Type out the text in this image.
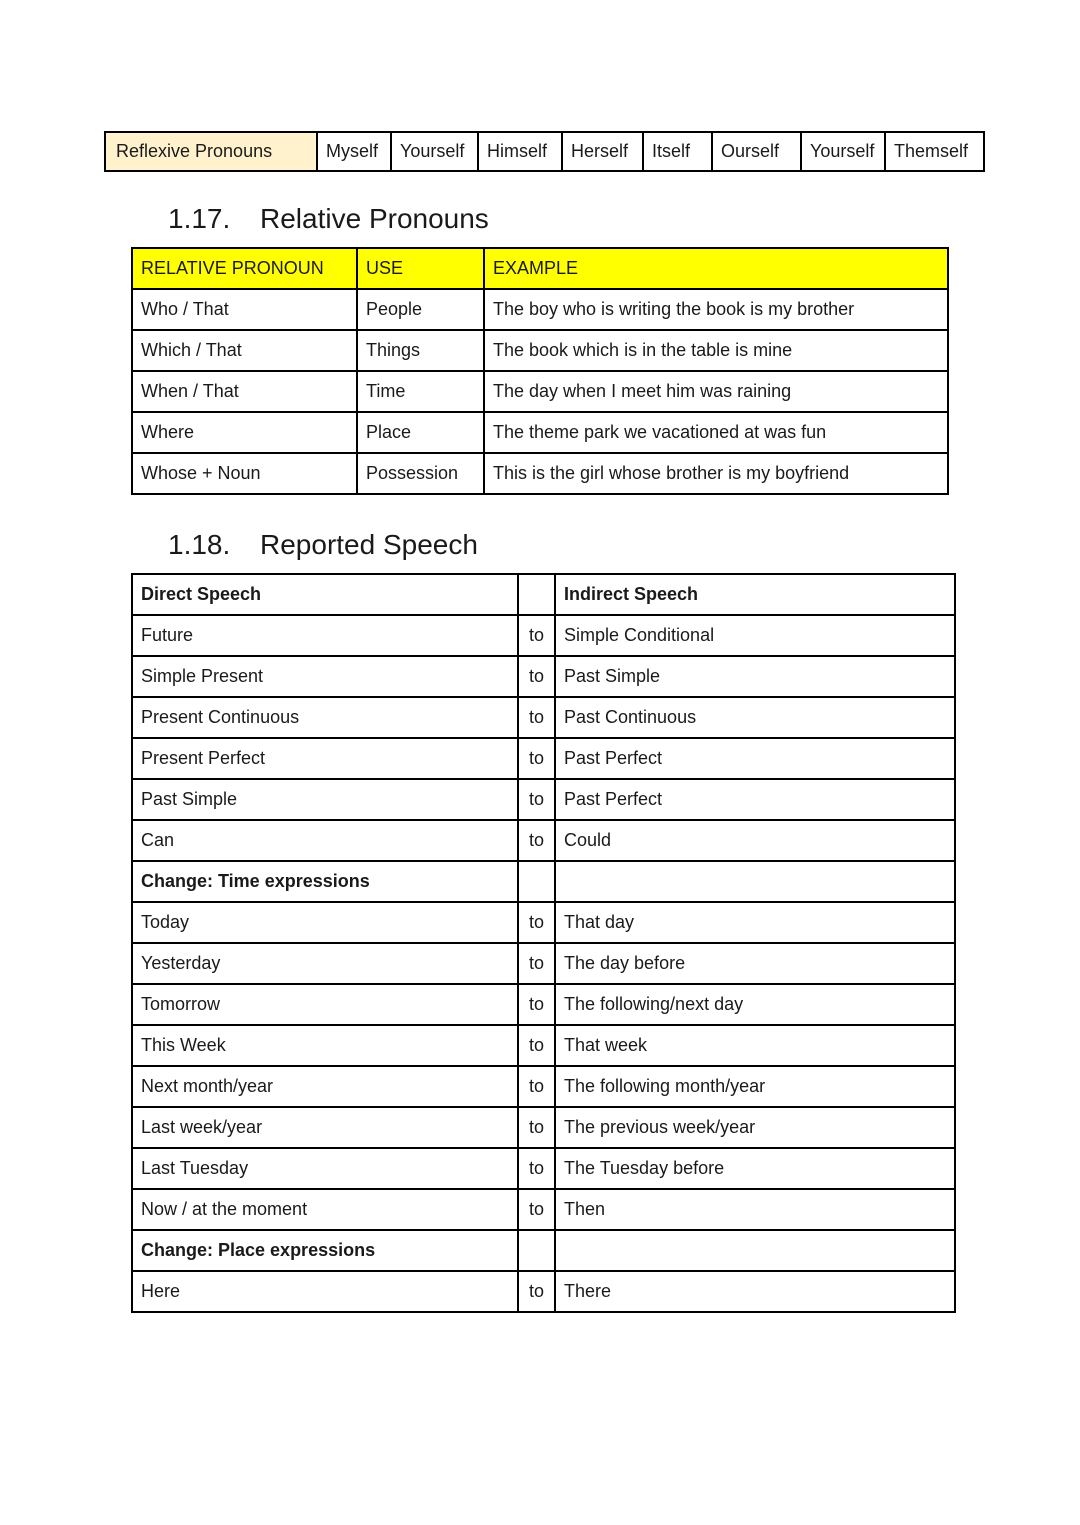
Reflexive Pronouns	Myself	Yourself	Himself	Herself	Itself	Ourself	Yourself	Themself
1.17. Relative Pronouns
RELATIVE PRONOUN	USE	EXAMPLE
Who / That	People	The boy who is writing the book is my brother
Which / That	Things	The book which is in the table is mine
When / That	Time	The day when I meet him was raining
Where	Place	The theme park we vacationed at was fun
Whose + Noun	Possession	This is the girl whose brother is my boyfriend
1.18. Reported Speech
Direct Speech		Indirect Speech
Future	to	Simple Conditional
Simple Present	to	Past Simple
Present Continuous	to	Past Continuous
Present Perfect	to	Past Perfect
Past Simple	to	Past Perfect
Can	to	Could
Change: Time expressions		
Today	to	That day
Yesterday	to	The day before
Tomorrow	to	The following/next day
This Week	to	That week
Next month/year	to	The following month/year
Last week/year	to	The previous week/year
Last Tuesday	to	The Tuesday before
Now / at the moment	to	Then
Change: Place expressions		
Here	to	There
